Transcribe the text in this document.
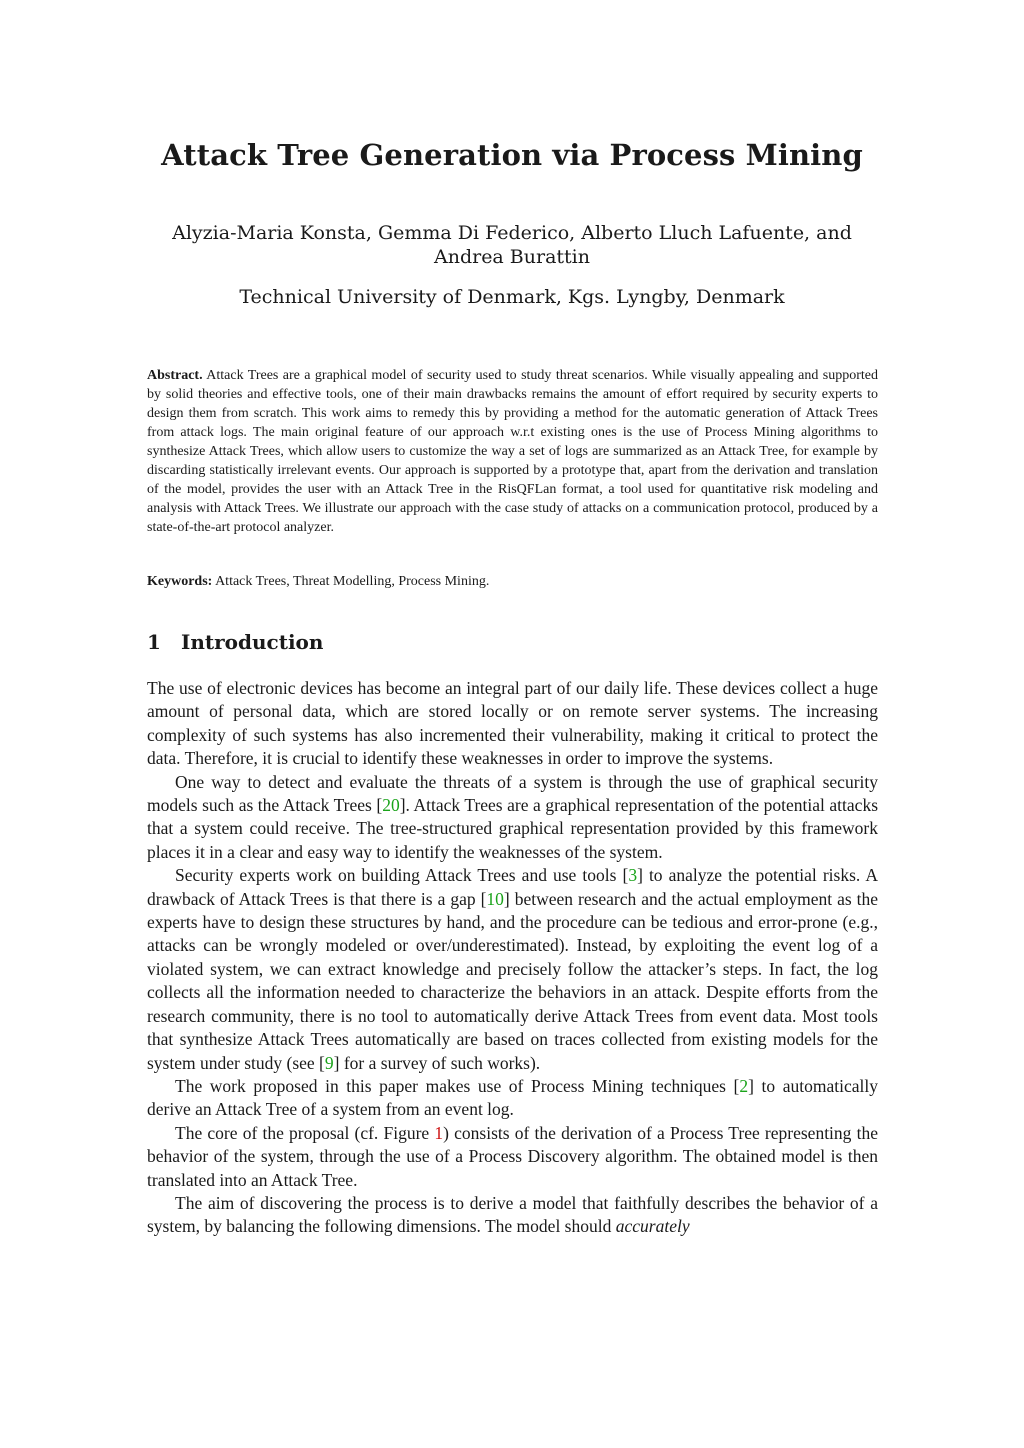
Attack Tree Generation via Process Mining
Alyzia-Maria Konsta, Gemma Di Federico, Alberto Lluch Lafuente, and Andrea Burattin
Technical University of Denmark, Kgs. Lyngby, Denmark
Abstract. Attack Trees are a graphical model of security used to study threat scenarios. While visually appealing and supported by solid theories and effective tools, one of their main drawbacks remains the amount of effort required by security experts to design them from scratch. This work aims to remedy this by providing a method for the automatic generation of Attack Trees from attack logs. The main original feature of our approach w.r.t existing ones is the use of Process Mining algorithms to synthesize Attack Trees, which allow users to customize the way a set of logs are summarized as an Attack Tree, for example by discarding statistically irrelevant events. Our approach is supported by a prototype that, apart from the derivation and translation of the model, provides the user with an Attack Tree in the RisQFLan format, a tool used for quantitative risk modeling and analysis with Attack Trees. We illustrate our approach with the case study of attacks on a communication protocol, produced by a state-of-the-art protocol analyzer.
Keywords: Attack Trees, Threat Modelling, Process Mining.
1 Introduction

The use of electronic devices has become an integral part of our daily life. These devices collect a huge amount of personal data, which are stored locally or on remote server systems. The increasing complexity of such systems has also incremented their vulnerability, making it critical to protect the data. Therefore, it is crucial to identify these weaknesses in order to improve the systems.

One way to detect and evaluate the threats of a system is through the use of graphical security models such as the Attack Trees [20]. Attack Trees are a graphical representation of the potential attacks that a system could receive. The tree-structured graphical representation provided by this framework places it in a clear and easy way to identify the weaknesses of the system.

Security experts work on building Attack Trees and use tools [3] to analyze the potential risks. A drawback of Attack Trees is that there is a gap [10] between research and the actual employment as the experts have to design these structures by hand, and the procedure can be tedious and error-prone (e.g., attacks can be wrongly modeled or over/underestimated). Instead, by exploiting the event log of a violated system, we can extract knowledge and precisely follow the attacker’s steps. In fact, the log collects all the information needed to characterize the behaviors in an attack. Despite efforts from the research community, there is no tool to automatically derive Attack Trees from event data. Most tools that synthesize Attack Trees automatically are based on traces collected from existing models for the system under study (see [9] for a survey of such works).

The work proposed in this paper makes use of Process Mining techniques [2] to automatically derive an Attack Tree of a system from an event log.

The core of the proposal (cf. Figure 1) consists of the derivation of a Process Tree representing the behavior of the system, through the use of a Process Discovery algorithm. The obtained model is then translated into an Attack Tree.

The aim of discovering the process is to derive a model that faithfully describes the behavior of a system, by balancing the following dimensions. The model should accurately
